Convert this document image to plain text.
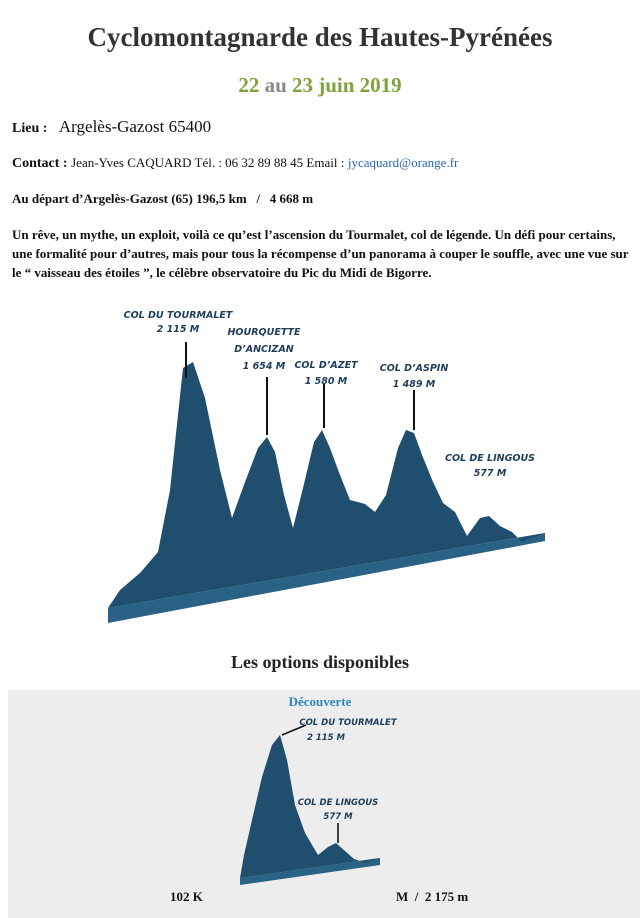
Cyclomontagnarde des Hautes-Pyrénées
22 au 23 juin 2019
Lieu : Argelès-Gazost 65400
Contact : Jean-Yves CAQUARD Tél. : 06 32 89 88 45 Email : jycaquard@orange.fr
Au départ d’Argelès-Gazost (65) 196,5 km   /   4 668 m
Un rêve, un mythe, un exploit, voilà ce qu’est l’ascension du Tourmalet, col de légende. Un défi pour certains, une formalité pour d’autres, mais pour tous la récompense d’un panorama à couper le souffle, avec une vue sur le “ vaisseau des étoiles ”, le célèbre observatoire du Pic du Midi de Bigorre.
COL DU TOURMALET
2 115 M	HOURQUETTE
D’ANCIZAN
1 654 M COL D’AZET
1 580 M
COL D’ASPIN
1 489 M
COL DE LINGOUS
577 M
Les options disponibles
Découverte
COL DU TOURMALET
2 115 M
COL DE LINGOUS
577 M
102 K	M  /  2 175 m
